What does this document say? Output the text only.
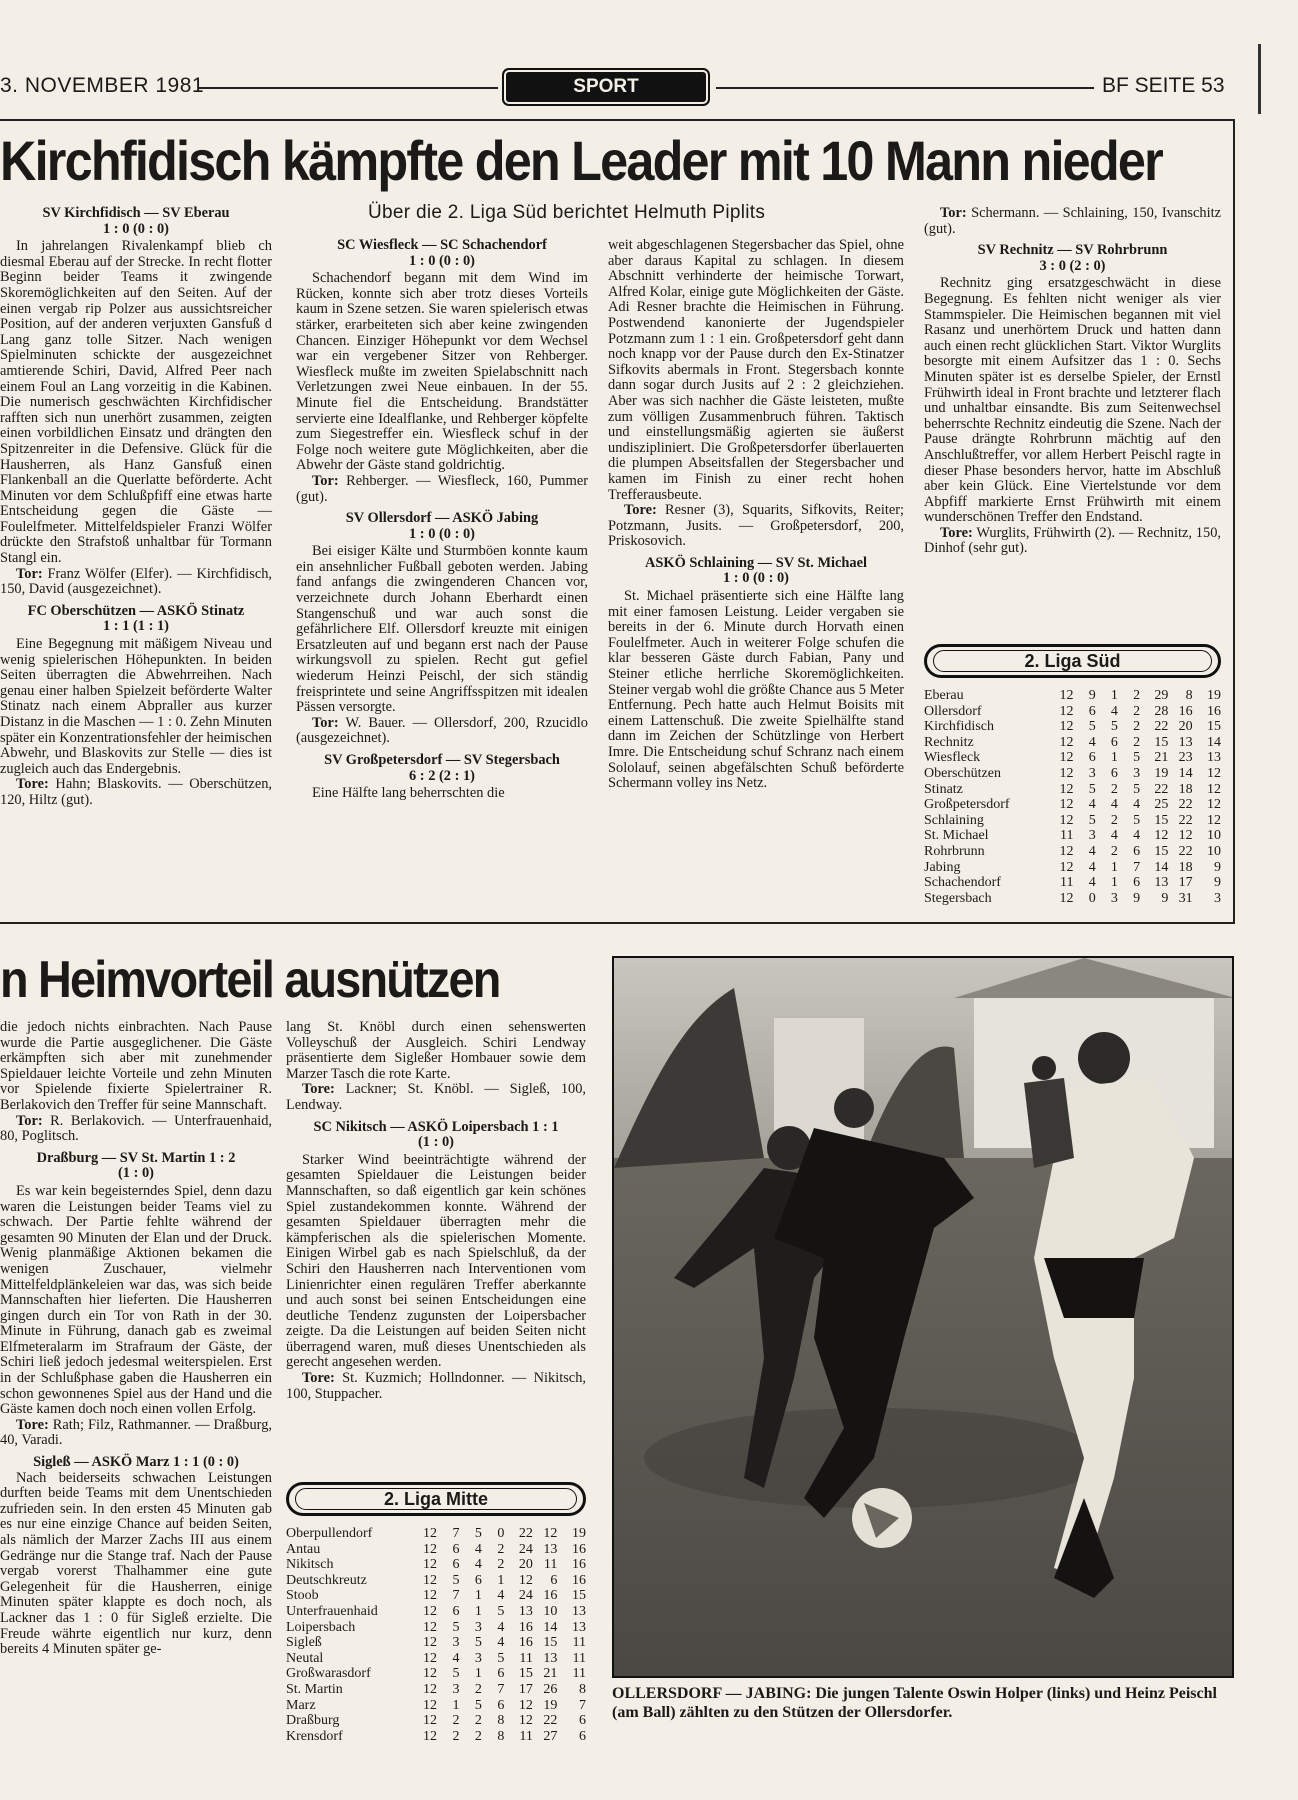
3. NOVEMBER 1981	SPORT	BF SEITE 53
Kirchfidisch kämpfte den Leader mit 10 Mann nieder
Über die 2. Liga Süd berichtet Helmuth Piplits

SV Kirchfidisch — SV Eberau

1 : 0 (0 : 0)

In jahrelangen Rivalenkampf blieb ch diesmal Eberau auf der Strecke. In recht flotter Beginn beider Teams it zwingende Skoremöglichkeiten auf den Seiten. Auf der einen vergab rip Polzer aus aussichtsreicher Position, auf der anderen verjuxten Gansfuß d Lang ganz tolle Sitzer. Nach wenigen Spielminuten schickte der ausgezeichnet amtierende Schiri, David, Alfred Peer nach einem Foul an Lang vorzeitig in die Kabinen. Die numerisch geschwächten Kirchfidischer rafften sich nun unerhört zusammen, zeigten einen vorbildlichen Einsatz und drängten den Spitzenreiter in die Defensive. Glück für die Hausherren, als Hanz Gansfuß einen Flankenball an die Querlatte beförderte. Acht Minuten vor dem Schlußpfiff eine etwas harte Entscheidung gegen die Gäste — Foulelfmeter. Mittelfeldspieler Franzi Wölfer drückte den Strafstoß unhaltbar für Tormann Stangl ein.

Tor: Franz Wölfer (Elfer). — Kirchfidisch, 150, David (ausgezeichnet).

FC Oberschützen — ASKÖ Stinatz

1 : 1 (1 : 1)

Eine Begegnung mit mäßigem Niveau und wenig spielerischen Höhepunkten. In beiden Seiten überragten die Abwehrreihen. Nach genau einer halben Spielzeit beförderte Walter Stinatz nach einem Abpraller aus kurzer Distanz in die Maschen — 1 : 0. Zehn Minuten später ein Konzentrationsfehler der heimischen Abwehr, und Blaskovits zur Stelle — dies ist zugleich auch das Endergebnis.

Tore: Hahn; Blaskovits. — Oberschützen, 120, Hiltz (gut).

SC Wiesfleck — SC Schachendorf

1 : 0 (0 : 0)

Schachendorf begann mit dem Wind im Rücken, konnte sich aber trotz dieses Vorteils kaum in Szene setzen. Sie waren spielerisch etwas stärker, erarbeiteten sich aber keine zwingenden Chancen. Einziger Höhepunkt vor dem Wechsel war ein vergebener Sitzer von Rehberger. Wiesfleck mußte im zweiten Spielabschnitt nach Verletzungen zwei Neue einbauen. In der 55. Minute fiel die Entscheidung. Brandstätter servierte eine Idealflanke, und Rehberger köpfelte zum Siegestreffer ein. Wiesfleck schuf in der Folge noch weitere gute Möglichkeiten, aber die Abwehr der Gäste stand goldrichtig.

Tor: Rehberger. — Wiesfleck, 160, Pummer (gut).

SV Ollersdorf — ASKÖ Jabing

1 : 0 (0 : 0)

Bei eisiger Kälte und Sturmböen konnte kaum ein ansehnlicher Fußball geboten werden. Jabing fand anfangs die zwingenderen Chancen vor, verzeichnete durch Johann Eberhardt einen Stangenschuß und war auch sonst die gefährlichere Elf. Ollersdorf kreuzte mit einigen Ersatzleuten auf und begann erst nach der Pause wirkungsvoll zu spielen. Recht gut gefiel wiederum Heinzi Peischl, der sich ständig freisprintete und seine Angriffsspitzen mit idealen Pässen versorgte.

Tor: W. Bauer. — Ollersdorf, 200, Rzucidlo (ausgezeichnet).

SV Großpetersdorf — SV Stegersbach

6 : 2 (2 : 1)

Eine Hälfte lang beherrschten die

weit abgeschlagenen Stegersbacher das Spiel, ohne aber daraus Kapital zu schlagen. In diesem Abschnitt verhinderte der heimische Torwart, Alfred Kolar, einige gute Möglichkeiten der Gäste. Adi Resner brachte die Heimischen in Führung. Postwendend kanonierte der Jugendspieler Potzmann zum 1 : 1 ein. Großpetersdorf geht dann noch knapp vor der Pause durch den Ex-Stinatzer Sifkovits abermals in Front. Stegersbach konnte dann sogar durch Jusits auf 2 : 2 gleichziehen. Aber was sich nachher die Gäste leisteten, mußte zum völligen Zusammenbruch führen. Taktisch und einstellungsmäßig agierten sie äußerst undiszipliniert. Die Großpetersdorfer überlauerten die plumpen Abseitsfallen der Stegersbacher und kamen im Finish zu einer recht hohen Trefferausbeute.

Tore: Resner (3), Squarits, Sifkovits, Reiter; Potzmann, Jusits. — Großpetersdorf, 200, Priskosovich.

ASKÖ Schlaining — SV St. Michael

1 : 0 (0 : 0)

St. Michael präsentierte sich eine Hälfte lang mit einer famosen Leistung. Leider vergaben sie bereits in der 6. Minute durch Horvath einen Foulelfmeter. Auch in weiterer Folge schufen die klar besseren Gäste durch Fabian, Pany und Steiner etliche herrliche Skoremöglichkeiten. Steiner vergab wohl die größte Chance aus 5 Meter Entfernung. Pech hatte auch Helmut Boisits mit einem Lattenschuß. Die zweite Spielhälfte stand dann im Zeichen der Schützlinge von Herbert Imre. Die Entscheidung schuf Schranz nach einem Sololauf, seinen abgefälschten Schuß beförderte Schermann volley ins Netz.

Tor: Schermann. — Schlaining, 150, Ivanschitz (gut).

SV Rechnitz — SV Rohrbrunn

3 : 0 (2 : 0)

Rechnitz ging ersatzgeschwächt in diese Begegnung. Es fehlten nicht weniger als vier Stammspieler. Die Heimischen begannen mit viel Rasanz und unerhörtem Druck und hatten dann auch einen recht glücklichen Start. Viktor Wurglits besorgte mit einem Aufsitzer das 1 : 0. Sechs Minuten später ist es derselbe Spieler, der Ernstl Frühwirth ideal in Front brachte und letzterer flach und unhaltbar einsandte. Bis zum Seitenwechsel beherrschte Rechnitz eindeutig die Szene. Nach der Pause drängte Rohrbrunn mächtig auf den Anschlußtreffer, vor allem Herbert Peischl ragte in dieser Phase besonders hervor, hatte im Abschluß aber kein Glück. Eine Viertelstunde vor dem Abpfiff markierte Ernst Frühwirth mit einem wunderschönen Treffer den Endstand.

Tore: Wurglits, Frühwirth (2). — Rechnitz, 150, Dinhof (sehr gut).

2. Liga Süd
Eberau	12	9	1	2	29	8	19
Ollersdorf	12	6	4	2	28	16	16
Kirchfidisch	12	5	5	2	22	20	15
Rechnitz	12	4	6	2	15	13	14
Wiesfleck	12	6	1	5	21	23	13
Oberschützen	12	3	6	3	19	14	12
Stinatz	12	5	2	5	22	18	12
Großpetersdorf	12	4	4	4	25	22	12
Schlaining	12	5	2	5	15	22	12
St. Michael	11	3	4	4	12	12	10
Rohrbrunn	12	4	2	6	15	22	10
Jabing	12	4	1	7	14	18	9
Schachendorf	11	4	1	6	13	17	9
Stegersbach	12	0	3	9	9	31	3
n Heimvorteil ausnützen

die jedoch nichts einbrachten. Nach Pause wurde die Partie ausgeglichener. Die Gäste erkämpften sich aber mit zunehmender Spieldauer leichte Vorteile und zehn Minuten vor Spielende fixierte Spielertrainer R. Berlakovich den Treffer für seine Mannschaft.

Tor: R. Berlakovich. — Unterfrauenhaid, 80, Poglitsch.

Draßburg — SV St. Martin 1 : 2

(1 : 0)

Es war kein begeisterndes Spiel, denn dazu waren die Leistungen beider Teams viel zu schwach. Der Partie fehlte während der gesamten 90 Minuten der Elan und der Druck. Wenig planmäßige Aktionen bekamen die wenigen Zuschauer, vielmehr Mittelfeldplänkeleien war das, was sich beide Mannschaften hier lieferten. Die Hausherren gingen durch ein Tor von Rath in der 30. Minute in Führung, danach gab es zweimal Elfmeteralarm im Strafraum der Gäste, der Schiri ließ jedoch jedesmal weiterspielen. Erst in der Schlußphase gaben die Hausherren ein schon gewonnenes Spiel aus der Hand und die Gäste kamen doch noch einen vollen Erfolg.

Tore: Rath; Filz, Rathmanner. — Draßburg, 40, Varadi.

Sigleß — ASKÖ Marz 1 : 1 (0 : 0)

Nach beiderseits schwachen Leistungen durften beide Teams mit dem Unentschieden zufrieden sein. In den ersten 45 Minuten gab es nur eine einzige Chance auf beiden Seiten, als nämlich der Marzer Zachs III aus einem Gedränge nur die Stange traf. Nach der Pause vergab vorerst Thalhammer eine gute Gelegenheit für die Hausherren, einige Minuten später klappte es doch noch, als Lackner das 1 : 0 für Sigleß erzielte. Die Freude währte eigentlich nur kurz, denn bereits 4 Minuten später ge-

lang St. Knöbl durch einen sehenswerten Volleyschuß der Ausgleich. Schiri Lendway präsentierte dem Sigleßer Hombauer sowie dem Marzer Tasch die rote Karte.

Tore: Lackner; St. Knöbl. — Sigleß, 100, Lendway.

SC Nikitsch — ASKÖ Loipersbach 1 : 1

(1 : 0)

Starker Wind beeinträchtigte während der gesamten Spieldauer die Leistungen beider Mannschaften, so daß eigentlich gar kein schönes Spiel zustandekommen konnte. Während der gesamten Spieldauer überragten mehr die kämpferischen als die spielerischen Momente. Einigen Wirbel gab es nach Spielschluß, da der Schiri den Hausherren nach Interventionen vom Linienrichter einen regulären Treffer aberkannte und auch sonst bei seinen Entscheidungen eine deutliche Tendenz zugunsten der Loipersbacher zeigte. Da die Leistungen auf beiden Seiten nicht überragend waren, muß dieses Unentschieden als gerecht angesehen werden.

Tore: St. Kuzmich; Hollndonner. — Nikitsch, 100, Stuppacher.

2. Liga Mitte
Oberpullendorf	12	7	5	0	22	12	19
Antau	12	6	4	2	24	13	16
Nikitsch	12	6	4	2	20	11	16
Deutschkreutz	12	5	6	1	12	6	16
Stoob	12	7	1	4	24	16	15
Unterfrauenhaid	12	6	1	5	13	10	13
Loipersbach	12	5	3	4	16	14	13
Sigleß	12	3	5	4	16	15	11
Neutal	12	4	3	5	11	13	11
Großwarasdorf	12	5	1	6	15	21	11
St. Martin	12	3	2	7	17	26	8
Marz	12	1	5	6	12	19	7
Draßburg	12	2	2	8	12	22	6
Krensdorf	12	2	2	8	11	27	6
OLLERSDORF — JABING: Die jungen Talente Oswin Holper (links) und Heinz Peischl (am Ball) zählten zu den Stützen der Ollersdorfer.
